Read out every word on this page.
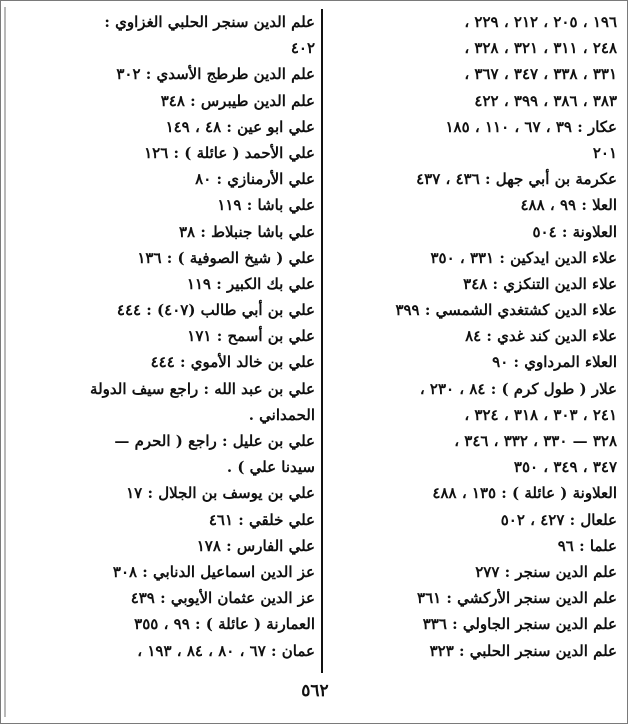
١٩٦ ، ٢٠٥ ، ٢١٢ ، ٢٢٩ ،
٢٤٨ ، ٣١١ ، ٣٢١ ، ٣٢٨ ،
٣٣١ ، ٣٣٨ ، ٣٤٧ ، ٣٦٧ ،
٣٨٣ ، ٣٨٦ ، ٣٩٩ ، ٤٢٢
عكار : ٣٩ ، ٦٧ ، ١١٠ ، ١٨٥
٢٠١
عكرمة بن أبي جهل : ٤٣٦ ، ٤٣٧
العلا : ٩٩ ، ٤٨٨
العلاونة : ٥٠٤
علاء الدين ايدكين : ٣٣١ ، ٣٥٠
علاء الدين التنكزي : ٣٤٨
علاء الدين كشتغدي الشمسي : ٣٩٩
علاء الدين كند غدي : ٨٤
العلاء المرداوي : ٩٠
علار ( طول كرم ) : ٨٤ ، ٢٣٠ ،
٢٤١ ، ٣٠٣ ، ٣١٨ ، ٣٢٤ ،
٣٢٨ — ٣٣٠ ، ٣٣٢ ، ٣٤٦ ،
٣٤٧ ، ٣٤٩ ، ٣٥٠
العلاونة ( عائلة ) : ١٣٥ ، ٤٨٨
علعال : ٤٢٧ ، ٥٠٢
علما : ٩٦
علم الدين سنجر : ٢٧٧
علم الدين سنجر الأركشي : ٣٦١
علم الدين سنجر الجاولي : ٣٣٦
علم الدين سنجر الحلبي : ٣٢٣
علم الدين سنجر الحلبي الغزاوي :
٤٠٢
علم الدين طرطج الأسدي : ٣٠٢
علم الدين طيبرس : ٣٤٨
علي ابو عين : ٤٨ ، ١٤٩
علي الأحمد ( عائلة ) : ١٢٦
علي الأرمنازي : ٨٠
علي باشا : ١١٩
علي باشا جنبلاط : ٣٨
علي ( شيخ الصوفية ) : ١٣٦
علي بك الكبير : ١١٩
علي بن أبي طالب (٤٠٧) : ٤٤٤
علي بن أسمح : ١٧١
علي بن خالد الأموي : ٤٤٤
علي بن عبد الله : راجع سيف الدولة
الحمداني .
علي بن عليل : راجع ( الحرم —
سيدنا علي ) .
علي بن يوسف بن الجلال : ١٧
علي خلقي : ٤٦١
علي الفارس : ١٧٨
عز الدين اسماعيل الدنابي : ٣٠٨
عز الدين عثمان الأيوبي : ٤٣٩
العمارنة ( عائلة ) : ٩٩ ، ٣٥٥
عمان : ٦٧ ، ٨٠ ، ٨٤ ، ١٩٣ ،
٥٦٢
